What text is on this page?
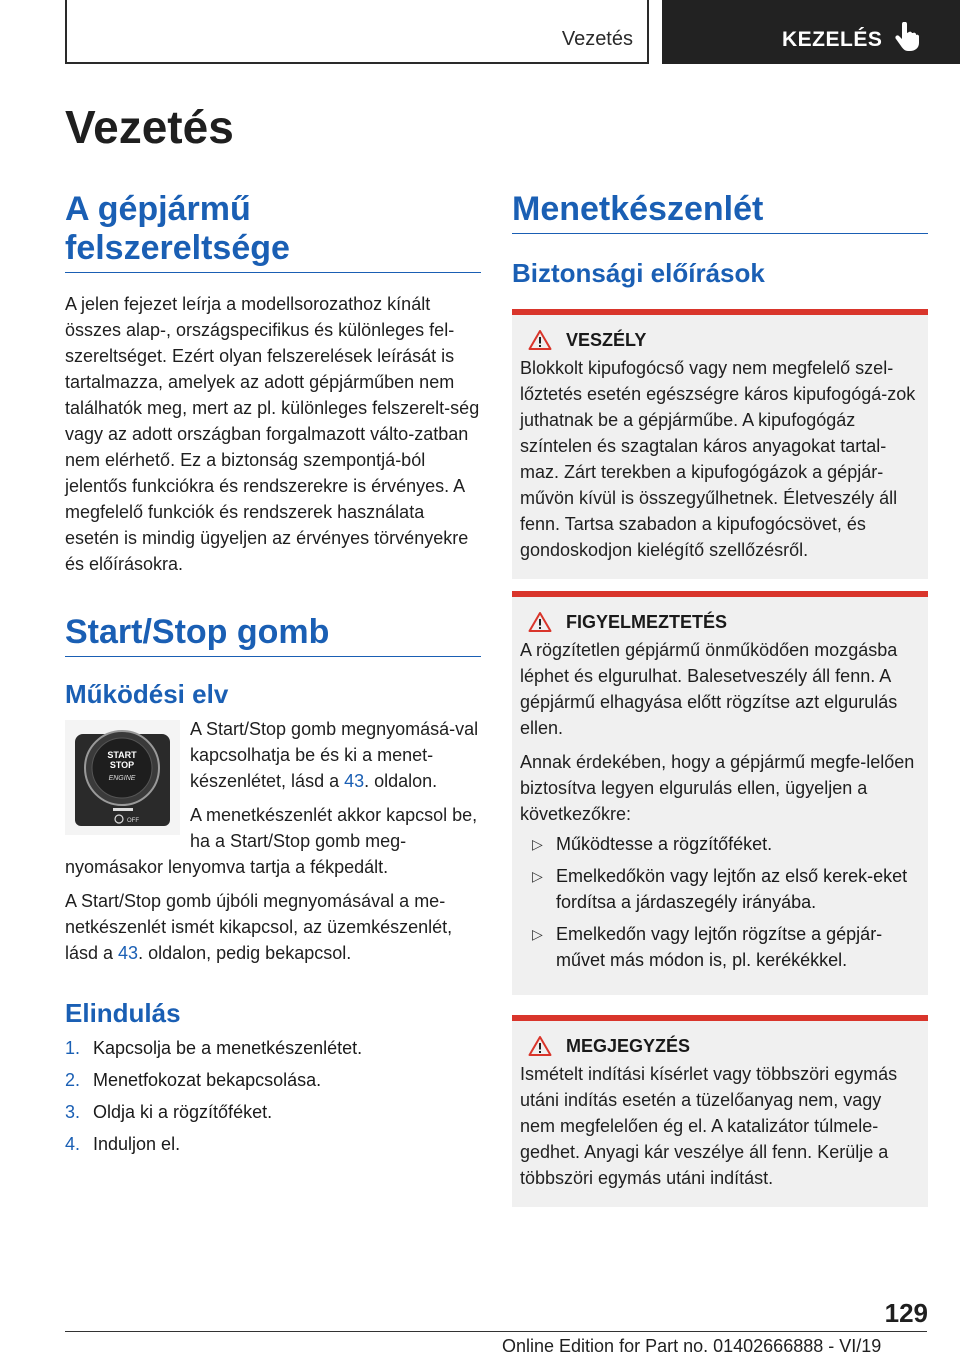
Vezetés	KEZELÉS
Vezetés
A gépjármű felszereltsége
A jelen fejezet leírja a modellsorozathoz kínált összes alap-, országspecifikus és különleges fel-szereltséget. Ezért olyan felszerelések leírását is tartalmazza, amelyek az adott gépjárműben nem találhatók meg, mert az pl. különleges felszerelt-ség vagy az adott országban forgalmazott válto-zatban nem elérhető. Ez a biztonság szempontjá-ból jelentős funkciókra és rendszerekre is érvényes. A megfelelő funkciók és rendszerek használata esetén is mindig ügyeljen az érvényes törvényekre és előírásokra.
Start/Stop gomb
Működési elv
START
STOP
ENGINE
OFF
A Start/Stop gomb megnyomásá-val kapcsolhatja be és ki a menet-készenlétet, lásd a 43. oldalon.
A menetkészenlét akkor kapcsol be, ha a Start/Stop gomb meg-nyomásakor lenyomva tartja a fékpedált.
A Start/Stop gomb újbóli megnyomásával a me-netkészenlét ismét kikapcsol, az üzemkészenlét, lásd a 43. oldalon, pedig bekapcsol.
Elindulás
1. Kapcsolja be a menetkészenlétet.
2. Menetfokozat bekapcsolása.
3. Oldja ki a rögzítőféket.
4. Induljon el.
Menetkészenlét
Biztonsági előírások
VESZÉLY
Blokkolt kipufogócső vagy nem megfelelő szel-lőztetés esetén egészségre káros kipufogógá-zok juthatnak be a gépjárműbe. A kipufogógáz színtelen és szagtalan káros anyagokat tartal-maz. Zárt terekben a kipufogógázok a gépjár-művön kívül is összegyűlhetnek. Életveszély áll fenn. Tartsa szabadon a kipufogócsövet, és gondoskodjon kielégítő szellőzésről.
FIGYELMEZTETÉS
A rögzítetlen gépjármű önműködően mozgásba léphet és elgurulhat. Balesetveszély áll fenn. A gépjármű elhagyása előtt rögzítse azt elgurulás ellen.
Annak érdekében, hogy a gépjármű megfe-lelően biztosítva legyen elgurulás ellen, ügyeljen a következőkre:
▷ Működtesse a rögzítőféket.
▷ Emelkedőkön vagy lejtőn az első kerek-eket fordítsa a járdaszegély irányába.
▷ Emelkedőn vagy lejtőn rögzítse a gépjár-művet más módon is, pl. kerékékkel.
MEGJEGYZÉS
Ismételt indítási kísérlet vagy többszöri egymás utáni indítás esetén a tüzelőanyag nem, vagy nem megfelelően ég el. A katalizátor túlmele-gedhet. Anyagi kár veszélye áll fenn. Kerülje a többszöri egymás utáni indítást.
129
Online Edition for Part no. 01402666888 - VI/19
